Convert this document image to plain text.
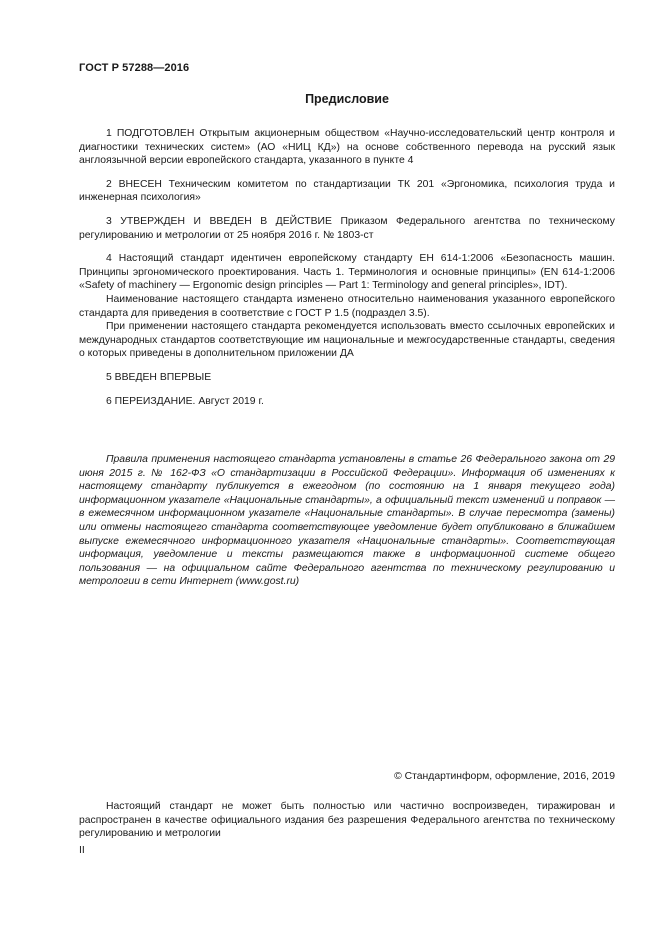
ГОСТ Р 57288—2016
Предисловие

1 ПОДГОТОВЛЕН Открытым акционерным обществом «Научно-исследовательский центр контроля и диагностики технических систем» (АО «НИЦ КД») на основе собственного перевода на русский язык англоязычной версии европейского стандарта, указанного в пункте 4

2 ВНЕСЕН Техническим комитетом по стандартизации ТК 201 «Эргономика, психология труда и инженерная психология»

3 УТВЕРЖДЕН И ВВЕДЕН В ДЕЙСТВИЕ Приказом Федерального агентства по техническому регулированию и метрологии от 25 ноября 2016 г. № 1803-ст

4 Настоящий стандарт идентичен европейскому стандарту ЕН 614-1:2006 «Безопасность машин. Принципы эргономического проектирования. Часть 1. Терминология и основные принципы» (EN 614-1:2006 «Safety of machinery — Ergonomic design principles — Part 1: Terminology and general principles», IDT).

Наименование настоящего стандарта изменено относительно наименования указанного европейского стандарта для приведения в соответствие с ГОСТ Р 1.5 (подраздел 3.5).

При применении настоящего стандарта рекомендуется использовать вместо ссылочных европейских и международных стандартов соответствующие им национальные и межгосударственные стандарты, сведения о которых приведены в дополнительном приложении ДА

5 ВВЕДЕН ВПЕРВЫЕ

6 ПЕРЕИЗДАНИЕ. Август 2019 г.

Правила применения настоящего стандарта установлены в статье 26 Федерального закона от 29 июня 2015 г. № 162-ФЗ «О стандартизации в Российской Федерации». Информация об изменениях к настоящему стандарту публикуется в ежегодном (по состоянию на 1 января текущего года) информационном указателе «Национальные стандарты», а официальный текст изменений и поправок — в ежемесячном информационном указателе «Национальные стандарты». В случае пересмотра (замены) или отмены настоящего стандарта соответствующее уведомление будет опубликовано в ближайшем выпуске ежемесячного информационного указателя «Национальные стандарты». Соответствующая информация, уведомление и тексты размещаются также в информационной системе общего пользования — на официальном сайте Федерального агентства по техническому регулированию и метрологии в сети Интернет (www.gost.ru)

© Стандартинформ, оформление, 2016, 2019

Настоящий стандарт не может быть полностью или частично воспроизведен, тиражирован и распространен в качестве официального издания без разрешения Федерального агентства по техническому регулированию и метрологии

II
